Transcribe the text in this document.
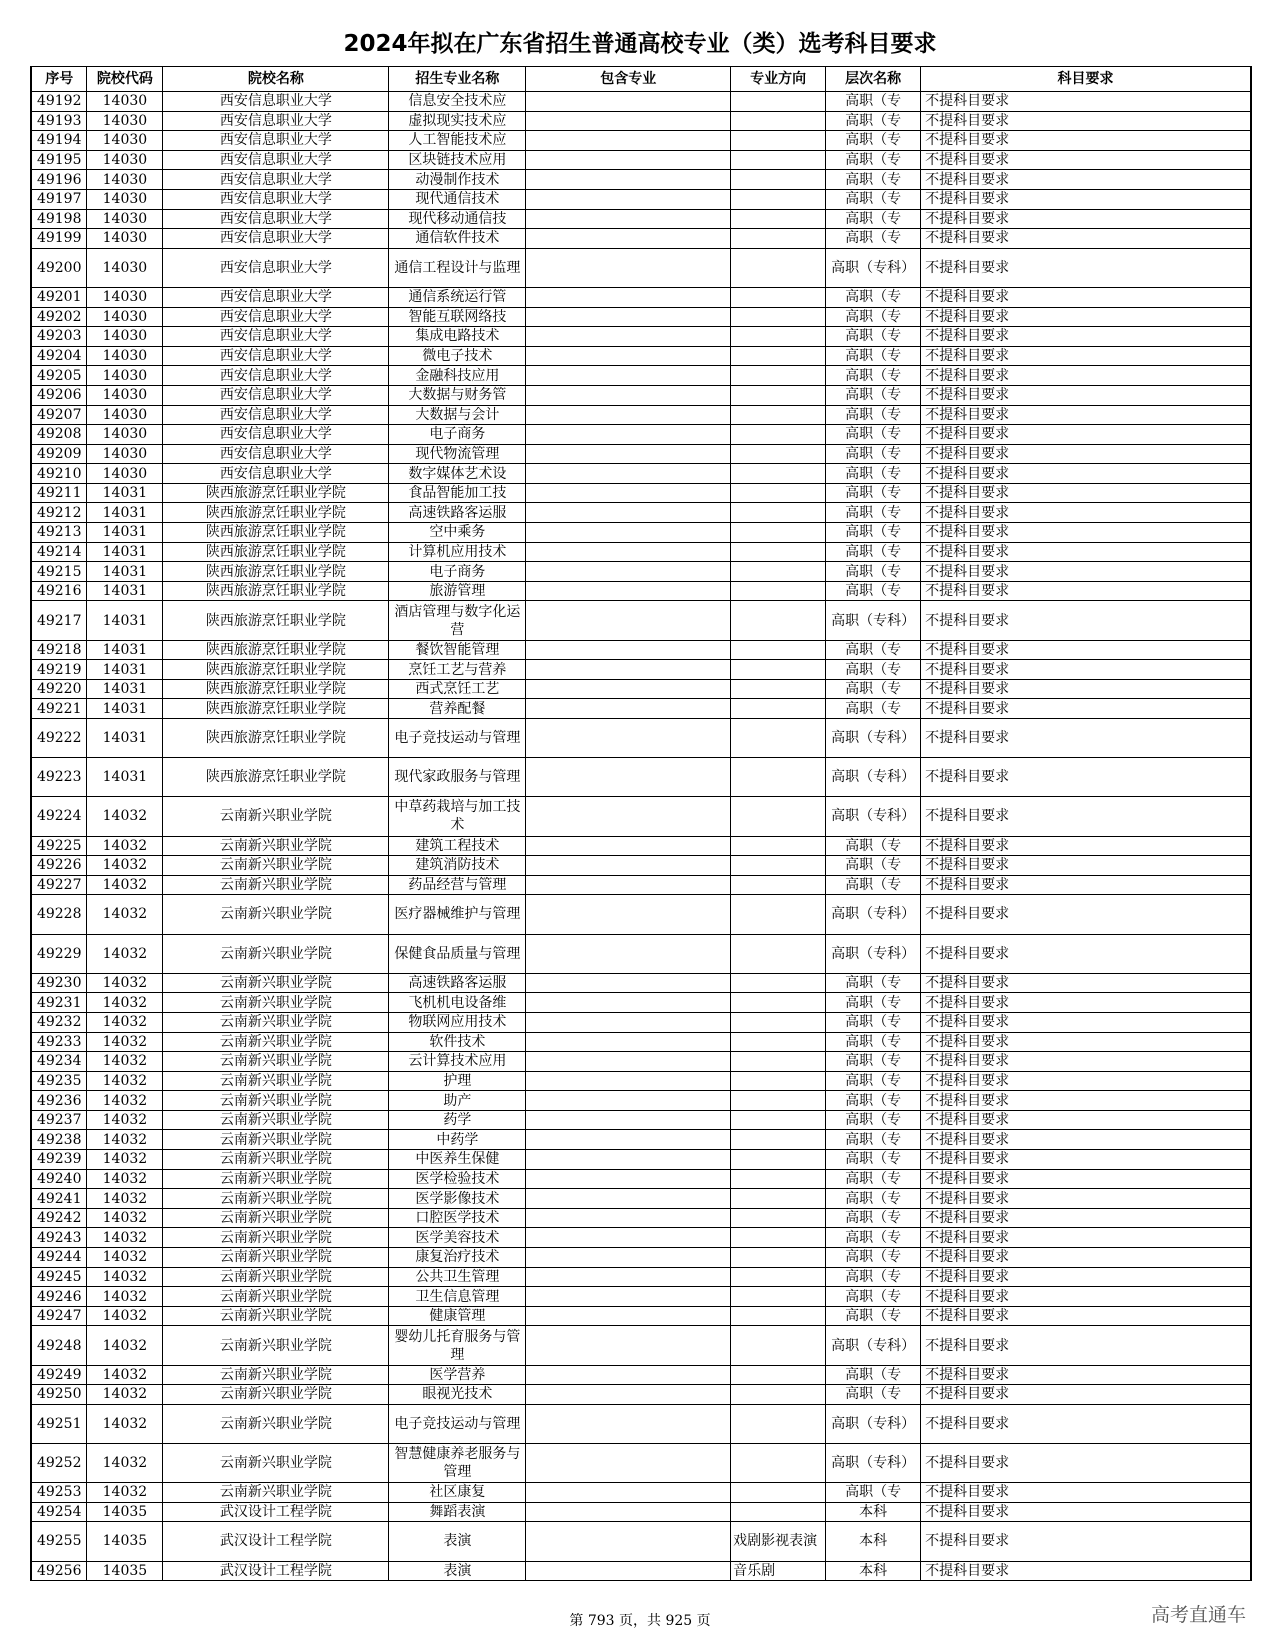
2024年拟在广东省招生普通高校专业（类）选考科目要求
序号	院校代码	院校名称	招生专业名称	包含专业	专业方向	层次名称	科目要求
49192	14030	西安信息职业大学	信息安全技术应			高职（专	不提科目要求
49193	14030	西安信息职业大学	虚拟现实技术应			高职（专	不提科目要求
49194	14030	西安信息职业大学	人工智能技术应			高职（专	不提科目要求
49195	14030	西安信息职业大学	区块链技术应用			高职（专	不提科目要求
49196	14030	西安信息职业大学	动漫制作技术			高职（专	不提科目要求
49197	14030	西安信息职业大学	现代通信技术			高职（专	不提科目要求
49198	14030	西安信息职业大学	现代移动通信技			高职（专	不提科目要求
49199	14030	西安信息职业大学	通信软件技术			高职（专	不提科目要求
49200	14030	西安信息职业大学	通信工程设计与监理			高职（专科）	不提科目要求
49201	14030	西安信息职业大学	通信系统运行管			高职（专	不提科目要求
49202	14030	西安信息职业大学	智能互联网络技			高职（专	不提科目要求
49203	14030	西安信息职业大学	集成电路技术			高职（专	不提科目要求
49204	14030	西安信息职业大学	微电子技术			高职（专	不提科目要求
49205	14030	西安信息职业大学	金融科技应用			高职（专	不提科目要求
49206	14030	西安信息职业大学	大数据与财务管			高职（专	不提科目要求
49207	14030	西安信息职业大学	大数据与会计			高职（专	不提科目要求
49208	14030	西安信息职业大学	电子商务			高职（专	不提科目要求
49209	14030	西安信息职业大学	现代物流管理			高职（专	不提科目要求
49210	14030	西安信息职业大学	数字媒体艺术设			高职（专	不提科目要求
49211	14031	陕西旅游烹饪职业学院	食品智能加工技			高职（专	不提科目要求
49212	14031	陕西旅游烹饪职业学院	高速铁路客运服			高职（专	不提科目要求
49213	14031	陕西旅游烹饪职业学院	空中乘务			高职（专	不提科目要求
49214	14031	陕西旅游烹饪职业学院	计算机应用技术			高职（专	不提科目要求
49215	14031	陕西旅游烹饪职业学院	电子商务			高职（专	不提科目要求
49216	14031	陕西旅游烹饪职业学院	旅游管理			高职（专	不提科目要求
49217	14031	陕西旅游烹饪职业学院	酒店管理与数字化运营			高职（专科）	不提科目要求
49218	14031	陕西旅游烹饪职业学院	餐饮智能管理			高职（专	不提科目要求
49219	14031	陕西旅游烹饪职业学院	烹饪工艺与营养			高职（专	不提科目要求
49220	14031	陕西旅游烹饪职业学院	西式烹饪工艺			高职（专	不提科目要求
49221	14031	陕西旅游烹饪职业学院	营养配餐			高职（专	不提科目要求
49222	14031	陕西旅游烹饪职业学院	电子竞技运动与管理			高职（专科）	不提科目要求
49223	14031	陕西旅游烹饪职业学院	现代家政服务与管理			高职（专科）	不提科目要求
49224	14032	云南新兴职业学院	中草药栽培与加工技术			高职（专科）	不提科目要求
49225	14032	云南新兴职业学院	建筑工程技术			高职（专	不提科目要求
49226	14032	云南新兴职业学院	建筑消防技术			高职（专	不提科目要求
49227	14032	云南新兴职业学院	药品经营与管理			高职（专	不提科目要求
49228	14032	云南新兴职业学院	医疗器械维护与管理			高职（专科）	不提科目要求
49229	14032	云南新兴职业学院	保健食品质量与管理			高职（专科）	不提科目要求
49230	14032	云南新兴职业学院	高速铁路客运服			高职（专	不提科目要求
49231	14032	云南新兴职业学院	飞机机电设备维			高职（专	不提科目要求
49232	14032	云南新兴职业学院	物联网应用技术			高职（专	不提科目要求
49233	14032	云南新兴职业学院	软件技术			高职（专	不提科目要求
49234	14032	云南新兴职业学院	云计算技术应用			高职（专	不提科目要求
49235	14032	云南新兴职业学院	护理			高职（专	不提科目要求
49236	14032	云南新兴职业学院	助产			高职（专	不提科目要求
49237	14032	云南新兴职业学院	药学			高职（专	不提科目要求
49238	14032	云南新兴职业学院	中药学			高职（专	不提科目要求
49239	14032	云南新兴职业学院	中医养生保健			高职（专	不提科目要求
49240	14032	云南新兴职业学院	医学检验技术			高职（专	不提科目要求
49241	14032	云南新兴职业学院	医学影像技术			高职（专	不提科目要求
49242	14032	云南新兴职业学院	口腔医学技术			高职（专	不提科目要求
49243	14032	云南新兴职业学院	医学美容技术			高职（专	不提科目要求
49244	14032	云南新兴职业学院	康复治疗技术			高职（专	不提科目要求
49245	14032	云南新兴职业学院	公共卫生管理			高职（专	不提科目要求
49246	14032	云南新兴职业学院	卫生信息管理			高职（专	不提科目要求
49247	14032	云南新兴职业学院	健康管理			高职（专	不提科目要求
49248	14032	云南新兴职业学院	婴幼儿托育服务与管理			高职（专科）	不提科目要求
49249	14032	云南新兴职业学院	医学营养			高职（专	不提科目要求
49250	14032	云南新兴职业学院	眼视光技术			高职（专	不提科目要求
49251	14032	云南新兴职业学院	电子竞技运动与管理			高职（专科）	不提科目要求
49252	14032	云南新兴职业学院	智慧健康养老服务与管理			高职（专科）	不提科目要求
49253	14032	云南新兴职业学院	社区康复			高职（专	不提科目要求
49254	14035	武汉设计工程学院	舞蹈表演			本科	不提科目要求
49255	14035	武汉设计工程学院	表演		戏剧影视表演	本科	不提科目要求
49256	14035	武汉设计工程学院	表演		音乐剧	本科	不提科目要求
第 793 页，共 925 页	高考直通车
